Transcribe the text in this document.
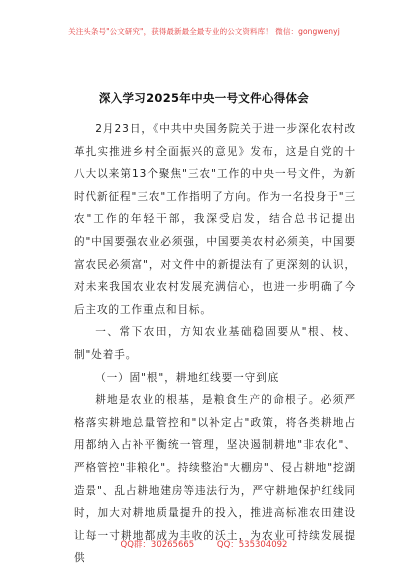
关注头条号"公文研究"，获得最新最全最专业的公文资料库！ 微信：gongwenyj
深入学习2025年中央一号文件心得体会

2月23日，《中共中央国务院关于进一步深化农村改革扎实推进乡村全面振兴的意见》发布，这是自党的十八大以来第13个聚焦"三农"工作的中央一号文件，为新时代新征程"三农"工作指明了方向。作为一名投身于"三农"工作的年轻干部，我深受启发，结合总书记提出的"中国要强农业必须强，中国要美农村必须美，中国要富农民必须富"，对文件中的新提法有了更深刻的认识，对未来我国农业农村发展充满信心，也进一步明确了今后主攻的工作重点和目标。

一、常下农田，方知农业基础稳固要从"根、枝、制"处着手。

（一）固"根"，耕地红线要一守到底

耕地是农业的根基，是粮食生产的命根子。必须严格落实耕地总量管控和"以补定占"政策，将各类耕地占用都纳入占补平衡统一管理，坚决遏制耕地"非农化"、严格管控"非粮化"。持续整治"大棚房"、侵占耕地"挖湖造景"、乱占耕地建房等违法行为，严守耕地保护红线同时，加大对耕地质量提升的投入，推进高标准农田建设让每一寸耕地都成为丰收的沃土，为农业可持续发展提供

QQ群：30265665	QQ：535304092
